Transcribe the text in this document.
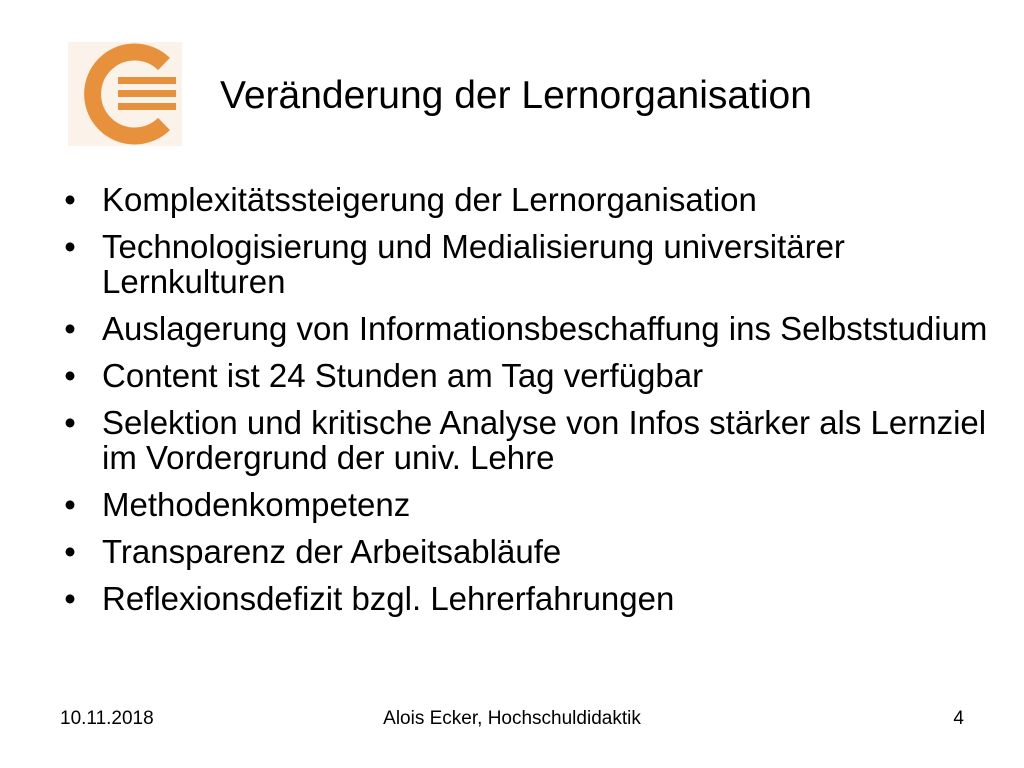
Veränderung der Lernorganisation
• Komplexitätssteigerung der Lernorganisation
• Technologisierung und Medialisierung universitärer Lernkulturen
• Auslagerung von Informationsbeschaffung ins Selbststudium
• Content ist 24 Stunden am Tag verfügbar
• Selektion und kritische Analyse von Infos stärker als Lernziel im Vordergrund der univ. Lehre
• Methodenkompetenz
• Transparenz der Arbeitsabläufe
• Reflexionsdefizit bzgl. Lehrerfahrungen
Alois Ecker, Hochschuldidaktik
10.11.2018	4
